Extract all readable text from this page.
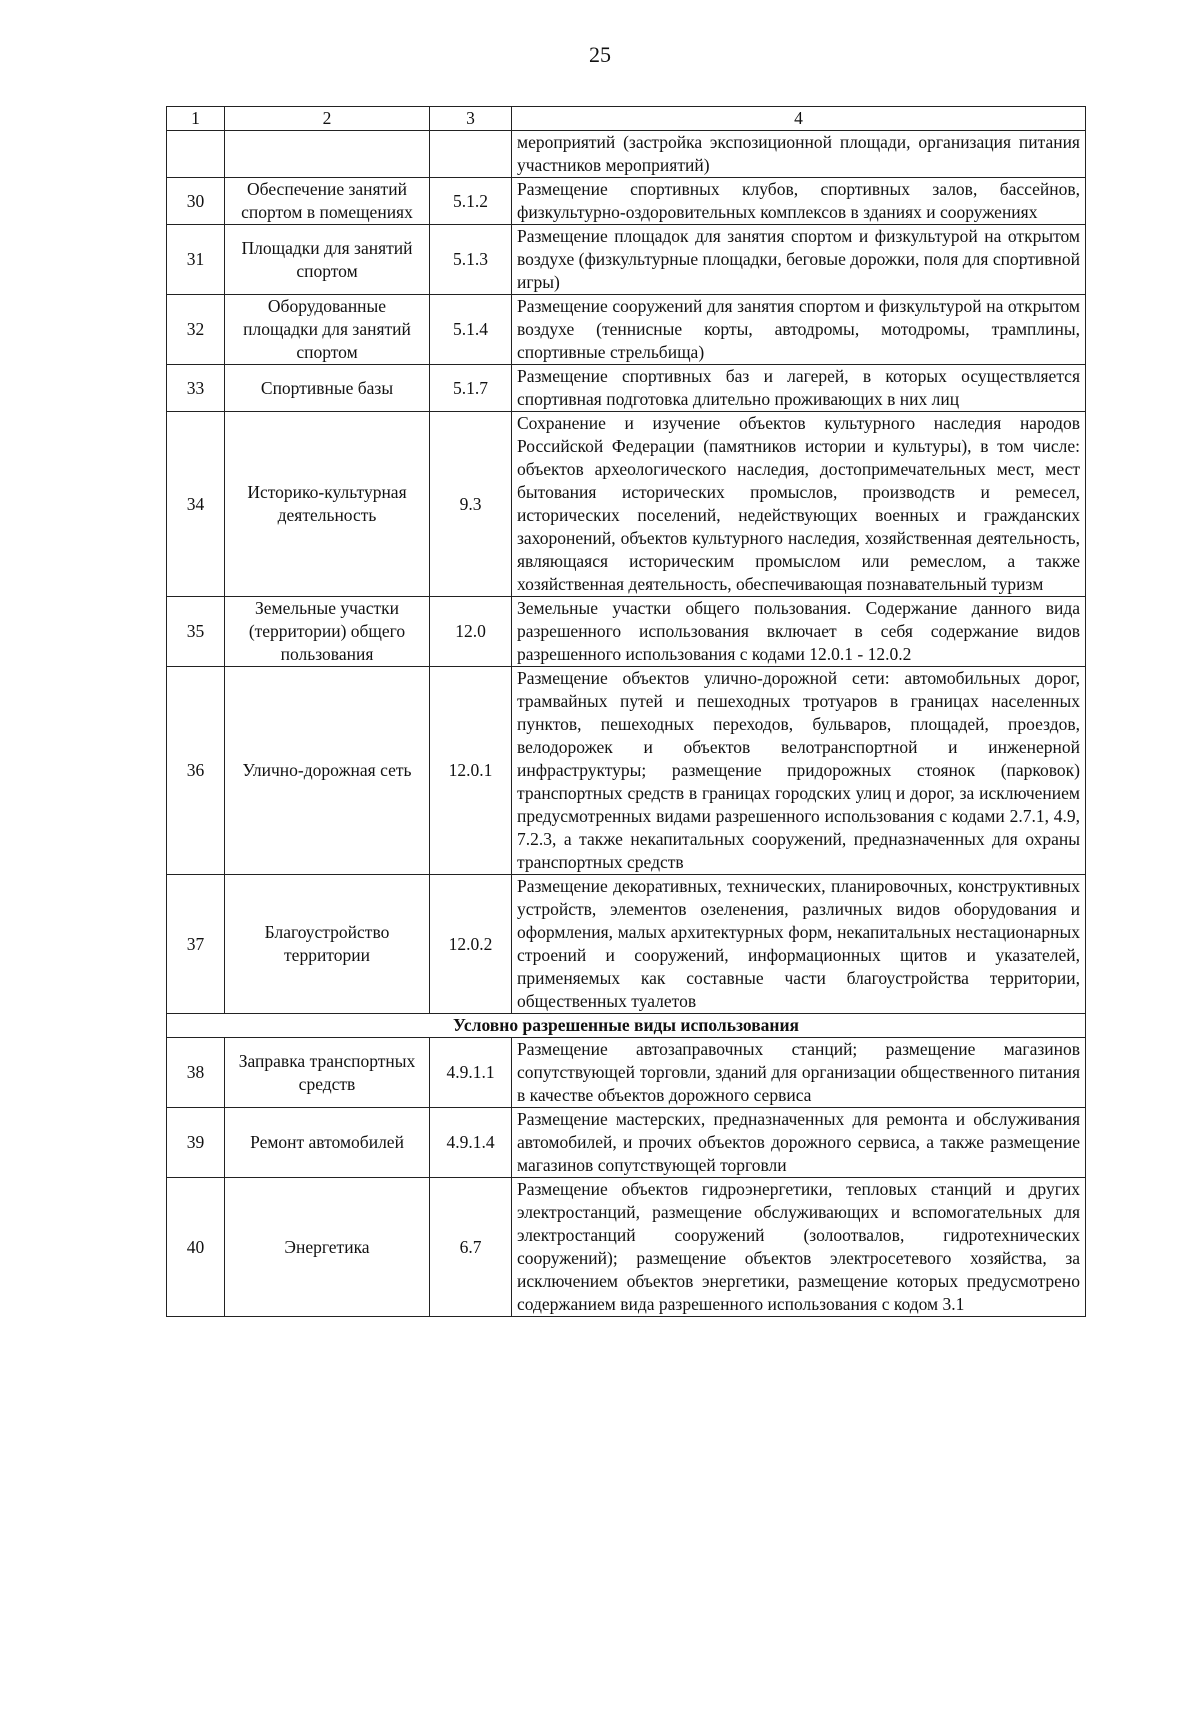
25
1	2	3	4
			мероприятий (застройка экспозиционной площади, организация питания участников мероприятий)
30	Обеспечение занятий спортом в помещениях	5.1.2	Размещение спортивных клубов, спортивных залов, бассейнов, физкультурно-оздоровительных комплексов в зданиях и сооружениях
31	Площадки для занятий спортом	5.1.3	Размещение площадок для занятия спортом и физкультурой на открытом воздухе (физкультурные площадки, беговые дорожки, поля для спортивной игры)
32	Оборудованные площадки для занятий спортом	5.1.4	Размещение сооружений для занятия спортом и физкультурой на открытом воздухе (теннисные корты, автодромы, мотодромы, трамплины, спортивные стрельбища)
33	Спортивные базы	5.1.7	Размещение спортивных баз и лагерей, в которых осуществляется спортивная подготовка длительно проживающих в них лиц
34	Историко-культурная деятельность	9.3	Сохранение и изучение объектов культурного наследия народов Российской Федерации (памятников истории и культуры), в том числе: объектов археологического наследия, достопримечательных мест, мест бытования исторических промыслов, производств и ремесел, исторических поселений, недействующих военных и гражданских захоронений, объектов культурного наследия, хозяйственная деятельность, являющаяся историческим промыслом или ремеслом, а также хозяйственная деятельность, обеспечивающая познавательный туризм
35	Земельные участки (территории) общего пользования	12.0	Земельные участки общего пользования. Содержание данного вида разрешенного использования включает в себя содержание видов разрешенного использования с кодами 12.0.1 - 12.0.2
36	Улично-дорожная сеть	12.0.1	Размещение объектов улично-дорожной сети: автомобильных дорог, трамвайных путей и пешеходных тротуаров в границах населенных пунктов, пешеходных переходов, бульваров, площадей, проездов, велодорожек и объектов велотранспортной и инженерной инфраструктуры; размещение придорожных стоянок (парковок) транспортных средств в границах городских улиц и дорог, за исключением предусмотренных видами разрешенного использования с кодами 2.7.1, 4.9, 7.2.3, а также некапитальных сооружений, предназначенных для охраны транспортных средств
37	Благоустройство территории	12.0.2	Размещение декоративных, технических, планировочных, конструктивных устройств, элементов озеленения, различных видов оборудования и оформления, малых архитектурных форм, некапитальных нестационарных строений и сооружений, информационных щитов и указателей, применяемых как составные части благоустройства территории, общественных туалетов
Условно разрешенные виды использования			
38	Заправка транспортных средств	4.9.1.1	Размещение автозаправочных станций; размещение магазинов сопутствующей торговли, зданий для организации общественного питания в качестве объектов дорожного сервиса
39	Ремонт автомобилей	4.9.1.4	Размещение мастерских, предназначенных для ремонта и обслуживания автомобилей, и прочих объектов дорожного сервиса, а также размещение магазинов сопутствующей торговли
40	Энергетика	6.7	Размещение объектов гидроэнергетики, тепловых станций и других электростанций, размещение обслуживающих и вспомогательных для электростанций сооружений (золоотвалов, гидротехнических сооружений); размещение объектов электросетевого хозяйства, за исключением объектов энергетики, размещение которых предусмотрено содержанием вида разрешенного использования с кодом 3.1
